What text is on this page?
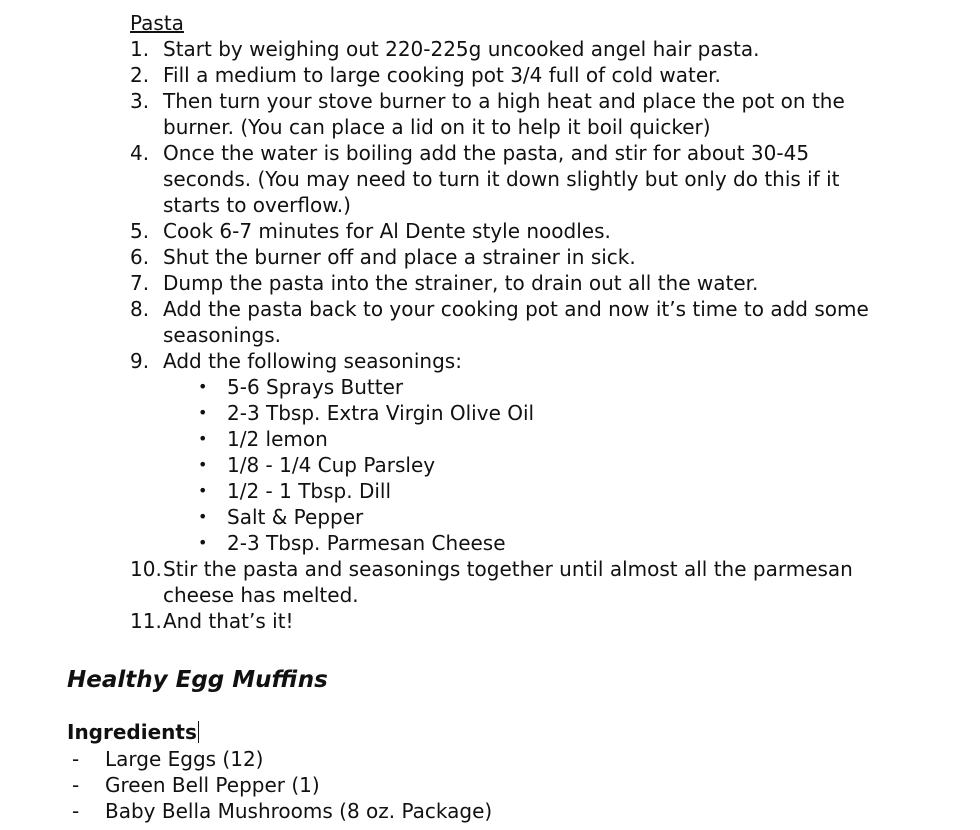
Pasta
1. Start by weighing out 220-225g uncooked angel hair pasta.
2. Fill a medium to large cooking pot 3/4 full of cold water.
3. Then turn your stove burner to a high heat and place the pot on the burner. (You can place a lid on it to help it boil quicker)
4. Once the water is boiling add the pasta, and stir for about 30-45 seconds. (You may need to turn it down slightly but only do this if it starts to overflow.)
5. Cook 6-7 minutes for Al Dente style noodles.
6. Shut the burner off and place a strainer in sick.
7. Dump the pasta into the strainer, to drain out all the water.
8. Add the pasta back to your cooking pot and now it’s time to add some seasonings.
9. Add the following seasonings:
• 5-6 Sprays Butter
• 2-3 Tbsp. Extra Virgin Olive Oil
• 1/2 lemon
• 1/8 - 1/4 Cup Parsley
• 1/2 - 1 Tbsp. Dill
• Salt & Pepper
• 2-3 Tbsp. Parmesan Cheese
10. Stir the pasta and seasonings together until almost all the parmesan cheese has melted.
11. And that’s it!
Healthy Egg Muffins
Ingredients
- Large Eggs (12)
- Green Bell Pepper (1)
- Baby Bella Mushrooms (8 oz. Package)
